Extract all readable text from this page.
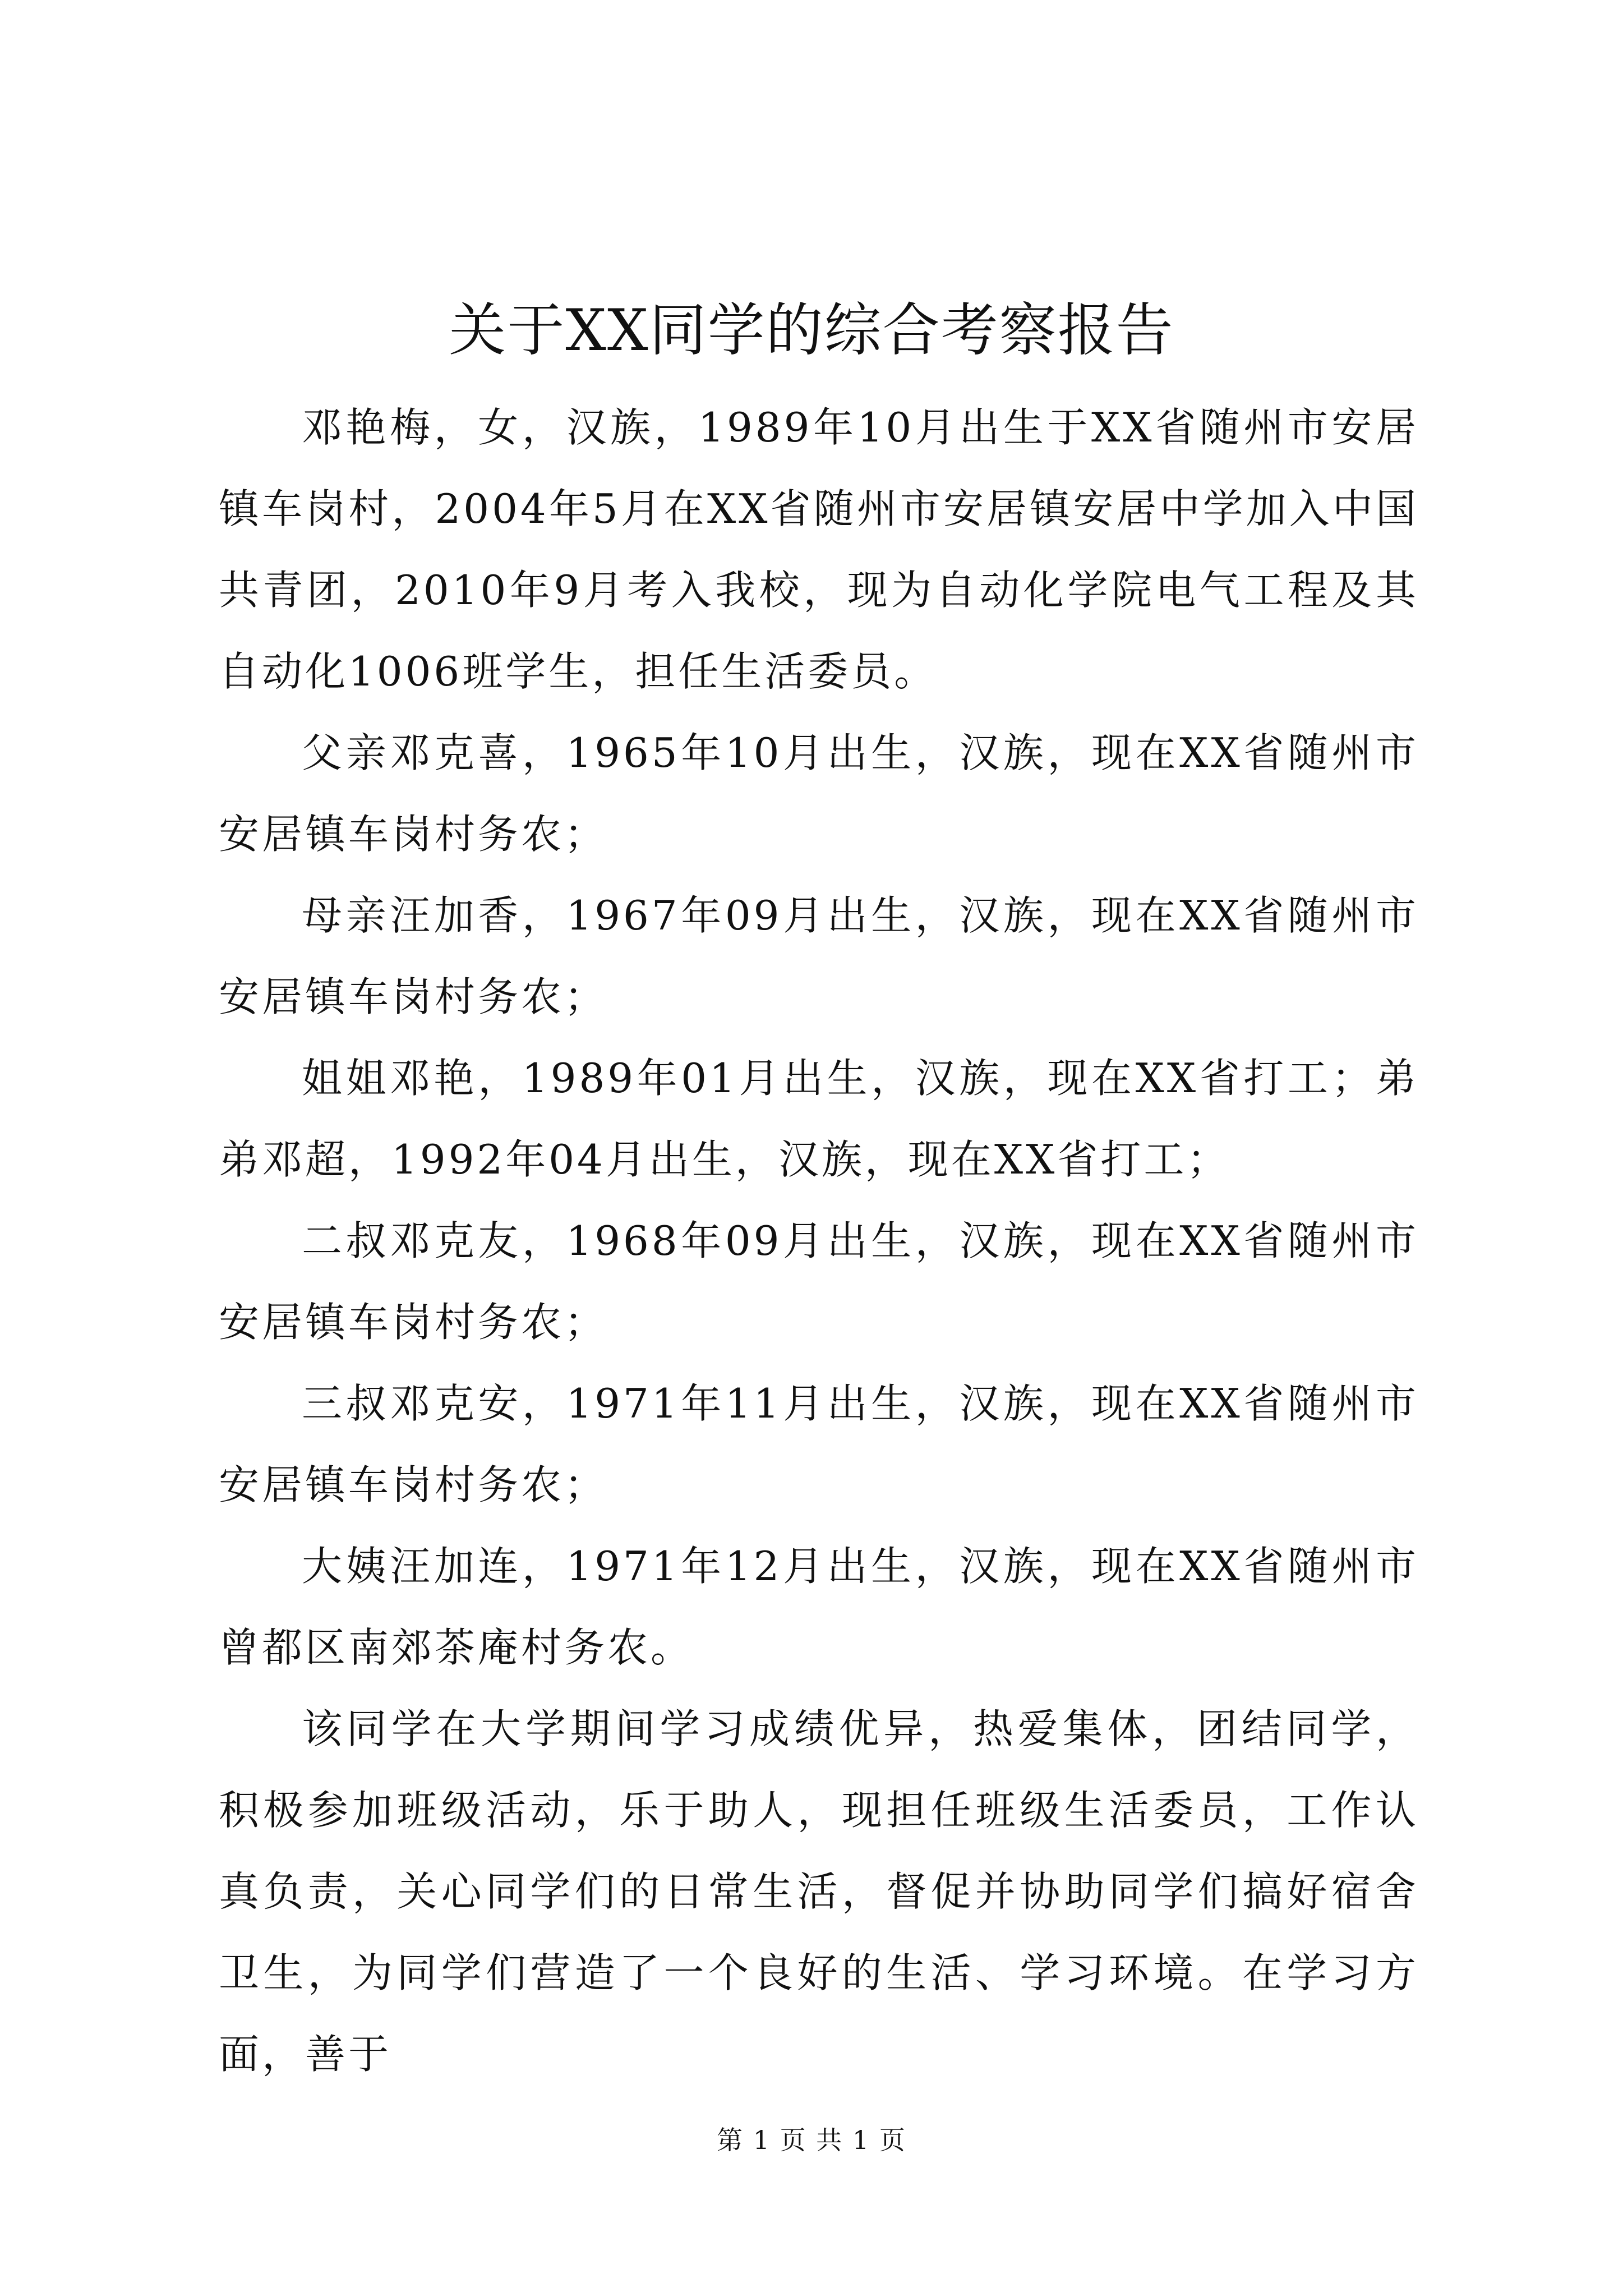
关于XX同学的综合考察报告

邓艳梅，女，汉族，1989年10月出生于XX省随州市安居镇车岗村，2004年5月在XX省随州市安居镇安居中学加入中国共青团，2010年9月考入我校，现为自动化学院电气工程及其自动化1006班学生，担任生活委员。

父亲邓克喜，1965年10月出生，汉族，现在XX省随州市安居镇车岗村务农；

母亲汪加香，1967年09月出生，汉族，现在XX省随州市安居镇车岗村务农；

姐姐邓艳，1989年01月出生，汉族，现在XX省打工；弟弟邓超，1992年04月出生，汉族，现在XX省打工；

二叔邓克友，1968年09月出生，汉族，现在XX省随州市安居镇车岗村务农；

三叔邓克安，1971年11月出生，汉族，现在XX省随州市安居镇车岗村务农；

大姨汪加连，1971年12月出生，汉族，现在XX省随州市曾都区南郊茶庵村务农。

该同学在大学期间学习成绩优异，热爱集体，团结同学，积极参加班级活动，乐于助人，现担任班级生活委员，工作认真负责，关心同学们的日常生活，督促并协助同学们搞好宿舍卫生，为同学们营造了一个良好的生活、学习环境。在学习方面，善于

第 1 页 共 1 页
